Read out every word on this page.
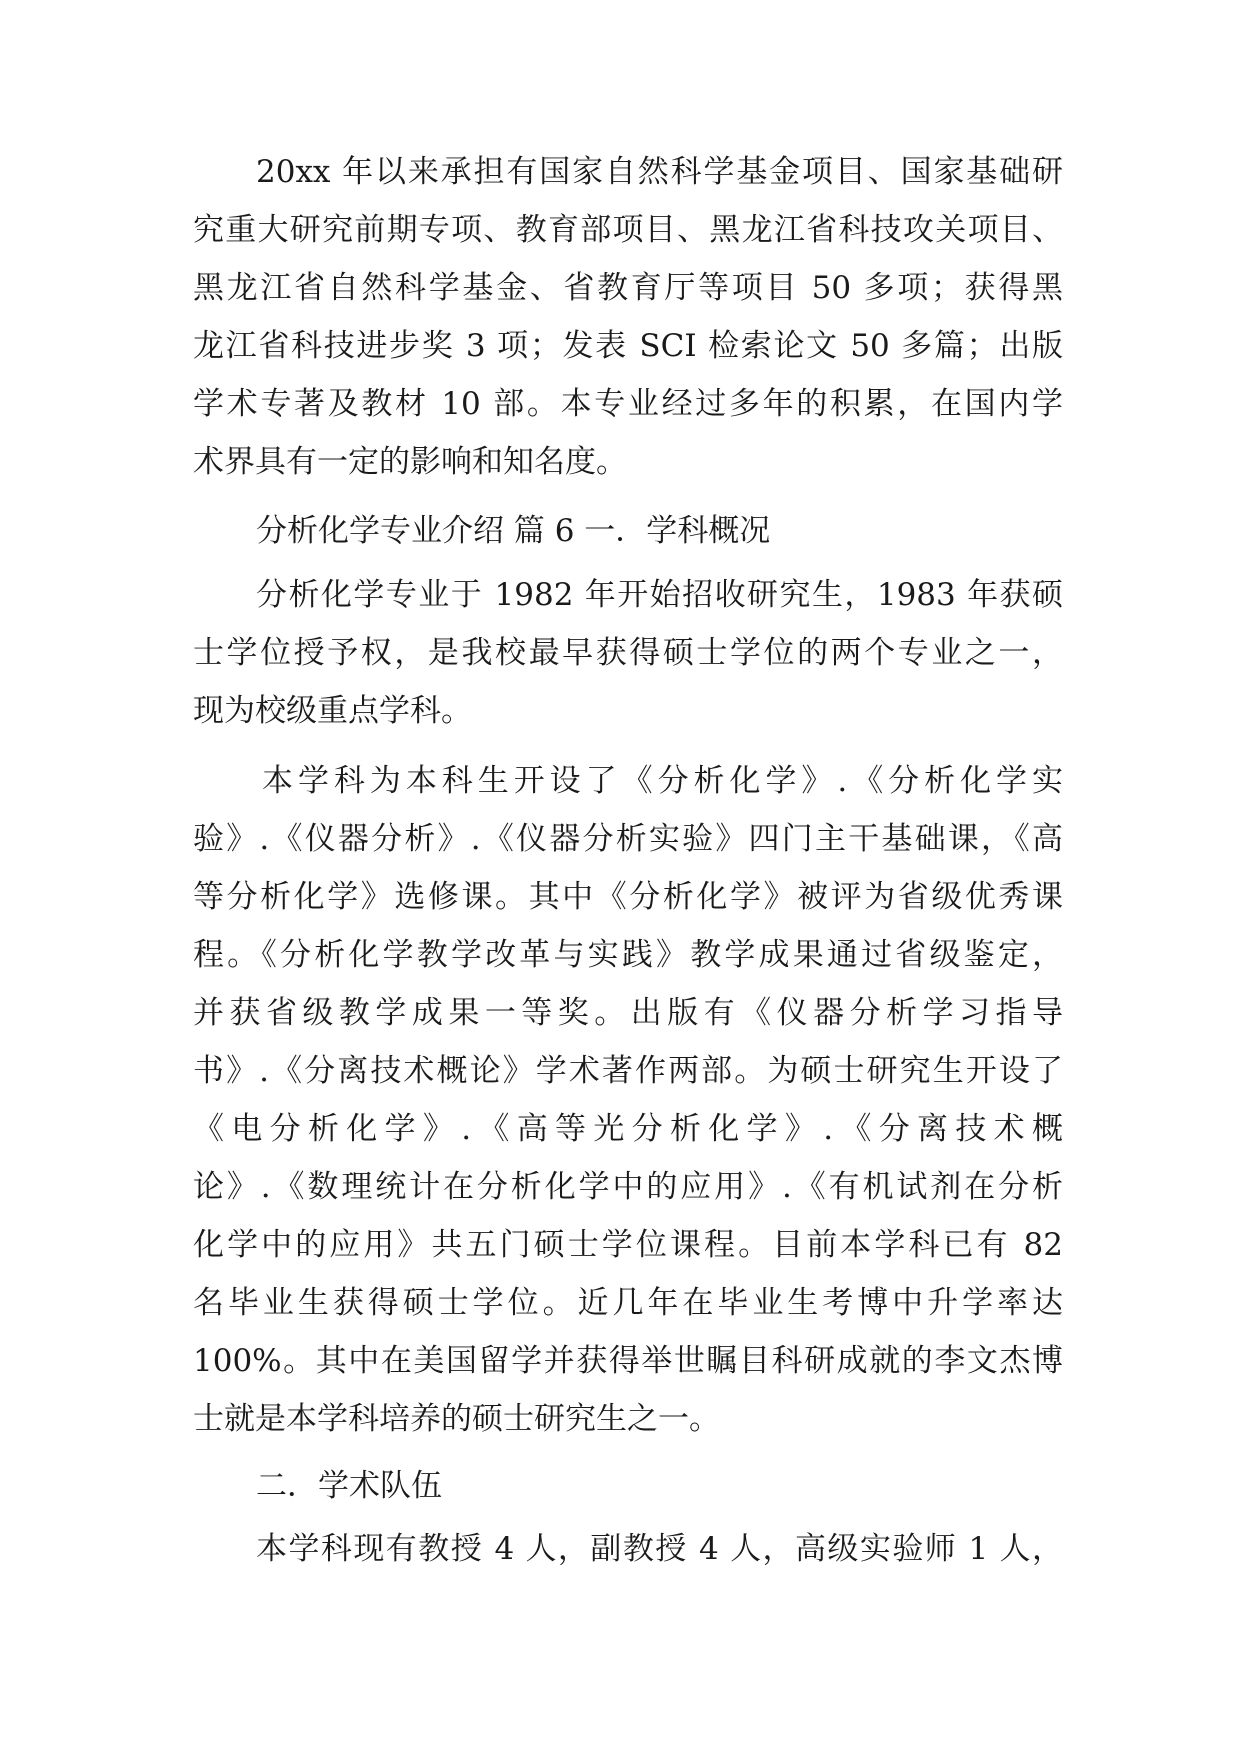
20xx 年以来承担有国家自然科学基金项目、国家基础研
究重大研究前期专项、教育部项目、黑龙江省科技攻关项目、
黑龙江省自然科学基金、省教育厅等项目 50 多项；获得黑
龙江省科技进步奖 3 项；发表 SCI 检索论文 50 多篇；出版
学术专著及教材 10 部。本专业经过多年的积累，在国内学
术界具有一定的影响和知名度。
分析化学专业介绍 篇 6 一．学科概况
分析化学专业于 1982 年开始招收研究生，1983 年获硕
士学位授予权，是我校最早获得硕士学位的两个专业之一，
现为校级重点学科。
本学科为本科生开设了《分析化学》.《分析化学实
验》.《仪器分析》.《仪器分析实验》四门主干基础课，《高
等分析化学》选修课。其中《分析化学》被评为省级优秀课
程。《分析化学教学改革与实践》教学成果通过省级鉴定，
并获省级教学成果一等奖。出版有《仪器分析学习指导
书》.《分离技术概论》学术著作两部。为硕士研究生开设了
《电分析化学》.《高等光分析化学》.《分离技术概
论》.《数理统计在分析化学中的应用》.《有机试剂在分析
化学中的应用》共五门硕士学位课程。目前本学科已有 82
名毕业生获得硕士学位。近几年在毕业生考博中升学率达
100%。其中在美国留学并获得举世瞩目科研成就的李文杰博
士就是本学科培养的硕士研究生之一。
二．学术队伍
本学科现有教授 4 人，副教授 4 人，高级实验师 1 人，
